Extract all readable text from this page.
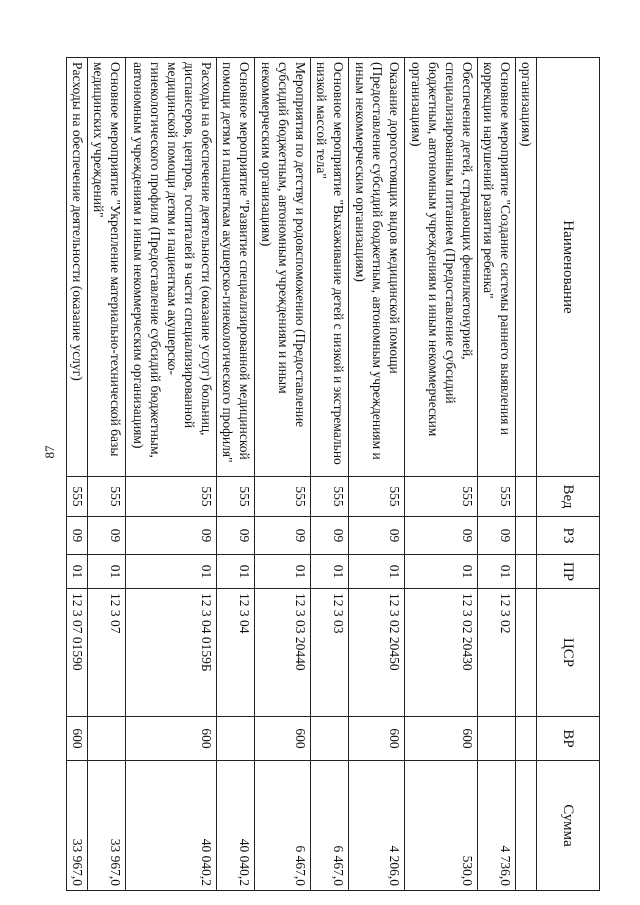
87
Наименование	Вед	РЗ	ПР	ЦСР	ВР	Сумма
организациям)						
Основное мероприятие "Создание системы раннего выявления и коррекции нарушений развития ребенка"	555	09	01	12 3 02		4 736,0
Обеспечение детей, страдающих фенилкетонурией, специализированным питанием (Предоставление субсидий бюджетным, автономным учреждениям и иным некоммерческим организациям)	555	09	01	12 3 02 20430	600	530,0
Оказание дорогостоящих видов медицинской помощи (Предоставление субсидий бюджетным, автономным учреждениям и иным некоммерческим организациям)	555	09	01	12 3 02 20450	600	4 206,0
Основное мероприятие "Выхаживание детей с низкой и экстремально низкой массой тела"	555	09	01	12 3 03		6 467,0
Мероприятия по детству и родовспоможению (Предоставление субсидий бюджетным, автономным учреждениям и иным некоммерческим организациям)	555	09	01	12 3 03 20440	600	6 467,0
Основное мероприятие "Развитие специализированной медицинской помощи детям и пациенткам акушерско-гинекологического профиля"	555	09	01	12 3 04		40 040,2
Расходы на обеспечение деятельности (оказание услуг) больниц, диспансеров, центров, госпиталей в части специализированной медицинской помощи детям и пациенткам акушерско-гинекологического профиля (Предоставление субсидий бюджетным, автономным учреждениям и иным некоммерческим организациям)	555	09	01	12 3 04 0159Б	600	40 040,2
Основное мероприятие "Укрепление материально-технической базы медицинских учреждений"	555	09	01	12 3 07		33 967,0
Расходы на обеспечение деятельности (оказание услуг)	555	09	01	12 3 07 01590	600	33 967,0
